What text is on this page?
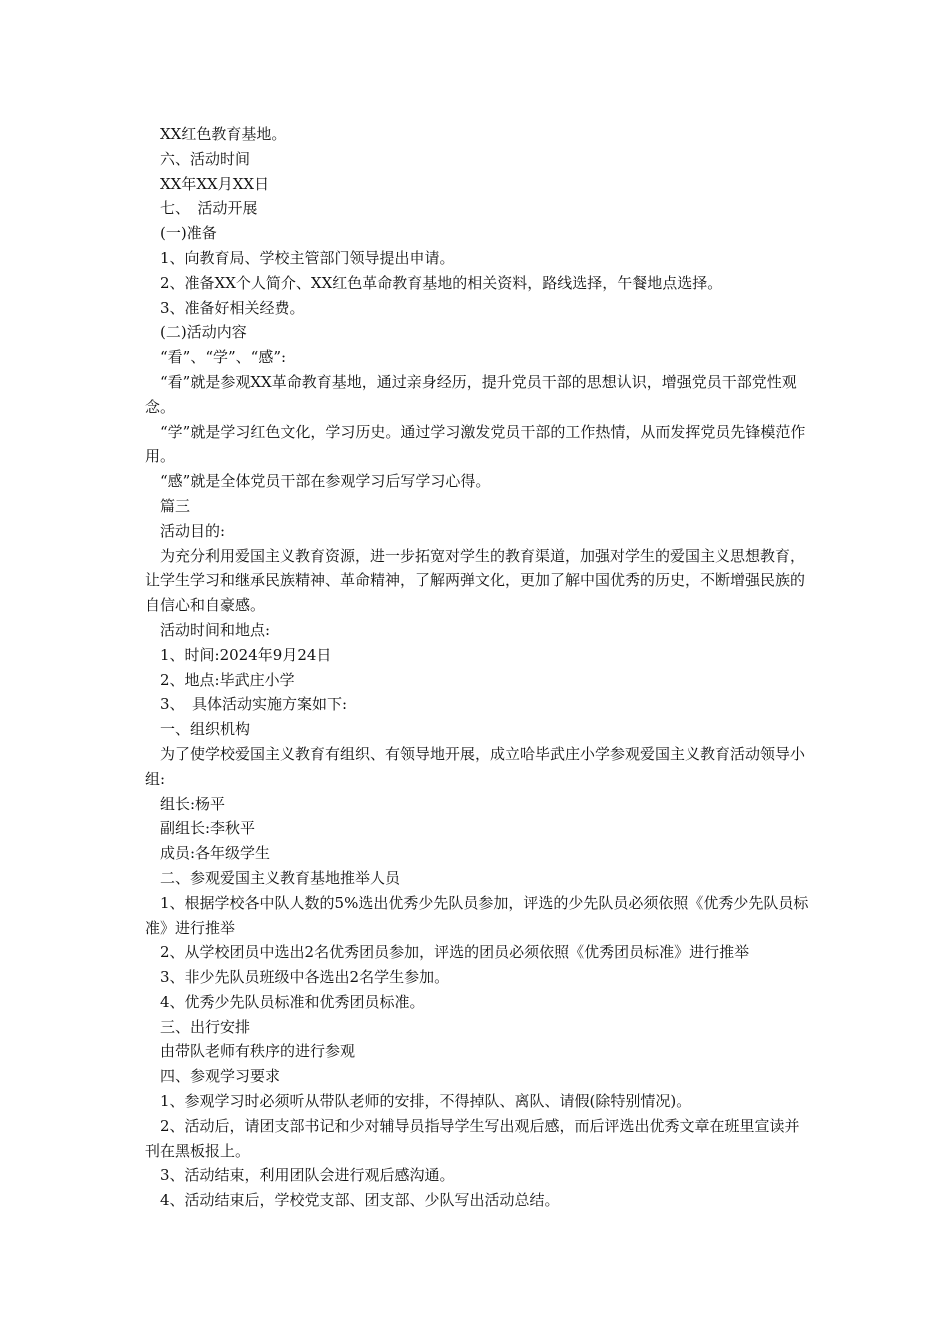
XX红色教育基地。

六、活动时间

XX年XX月XX日

七、　活动开展

(一)准备

1、向教育局、学校主管部门领导提出申请。

2、准备XX个人简介、XX红色革命教育基地的相关资料，路线选择，午餐地点选择。

3、准备好相关经费。

(二)活动内容

“看”、“学”、“感”:

“看”就是参观XX革命教育基地，通过亲身经历，提升党员干部的思想认识，增强党员干部党性观念。

“学”就是学习红色文化，学习历史。通过学习激发党员干部的工作热情，从而发挥党员先锋模范作用。

“感”就是全体党员干部在参观学习后写学习心得。

篇三

活动目的:

为充分利用爱国主义教育资源，进一步拓宽对学生的教育渠道，加强对学生的爱国主义思想教育，让学生学习和继承民族精神、革命精神，了解两弹文化，更加了解中国优秀的历史，不断增强民族的自信心和自豪感。

活动时间和地点:

1、时间:2024年9月24日

2、地点:毕武庄小学

3、　具体活动实施方案如下:

一、组织机构

为了使学校爱国主义教育有组织、有领导地开展，成立哈毕武庄小学参观爱国主义教育活动领导小组:

组长:杨平

副组长:李秋平

成员:各年级学生

二、参观爱国主义教育基地推举人员

1、根据学校各中队人数的5%选出优秀少先队员参加，评选的少先队员必须依照《优秀少先队员标准》进行推举

2、从学校团员中选出2名优秀团员参加，评选的团员必须依照《优秀团员标准》进行推举

3、非少先队员班级中各选出2名学生参加。

4、优秀少先队员标准和优秀团员标准。

三、出行安排

由带队老师有秩序的进行参观

四、参观学习要求

1、参观学习时必须听从带队老师的安排，不得掉队、离队、请假(除特别情况)。

2、活动后，请团支部书记和少对辅导员指导学生写出观后感，而后评选出优秀文章在班里宣读并刊在黑板报上。

3、活动结束，利用团队会进行观后感沟通。

4、活动结束后，学校党支部、团支部、少队写出活动总结。
